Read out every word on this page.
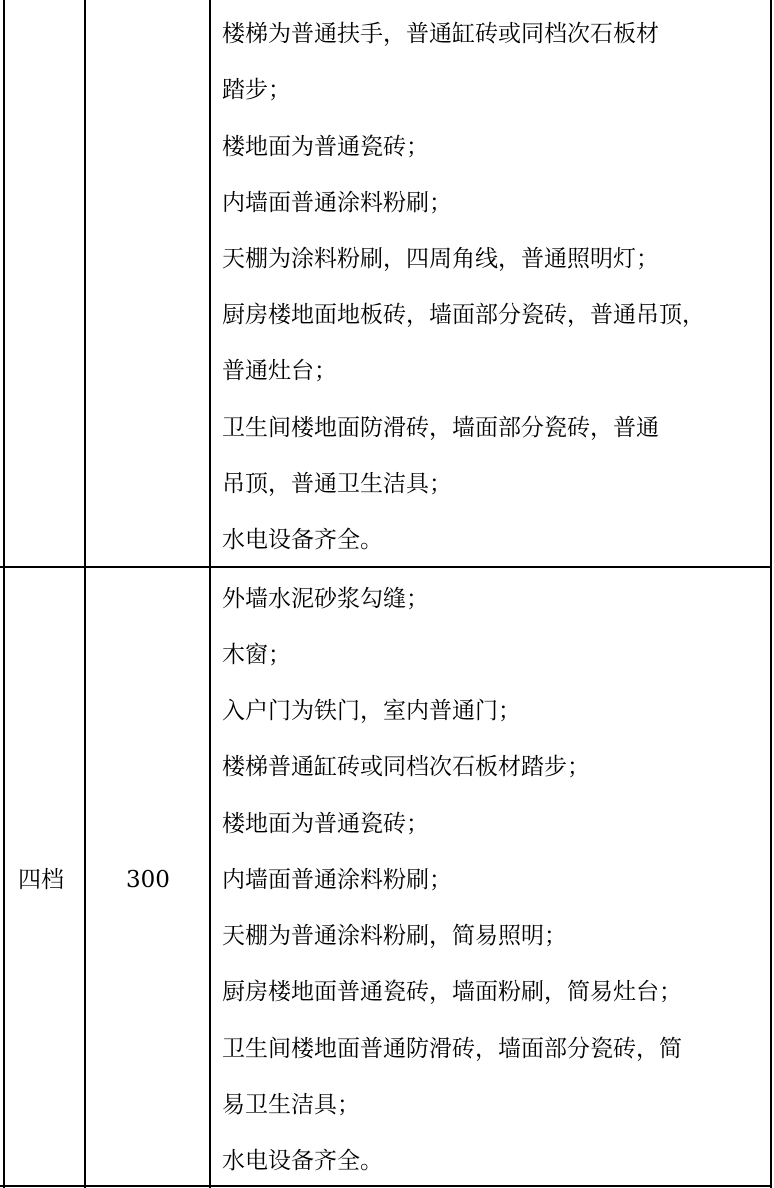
楼梯为普通扶手，普通缸砖或同档次石板材
踏步；
楼地面为普通瓷砖；
内墙面普通涂料粉刷；
天棚为涂料粉刷，四周角线，普通照明灯；
厨房楼地面地板砖，墙面部分瓷砖，普通吊顶，
普通灶台；
卫生间楼地面防滑砖，墙面部分瓷砖，普通
吊顶，普通卫生洁具；
水电设备齐全。
四档	300
外墙水泥砂浆勾缝；
木窗；
入户门为铁门，室内普通门；
楼梯普通缸砖或同档次石板材踏步；
楼地面为普通瓷砖；
内墙面普通涂料粉刷；
天棚为普通涂料粉刷，简易照明；
厨房楼地面普通瓷砖，墙面粉刷，简易灶台；
卫生间楼地面普通防滑砖，墙面部分瓷砖，简
易卫生洁具；
水电设备齐全。
